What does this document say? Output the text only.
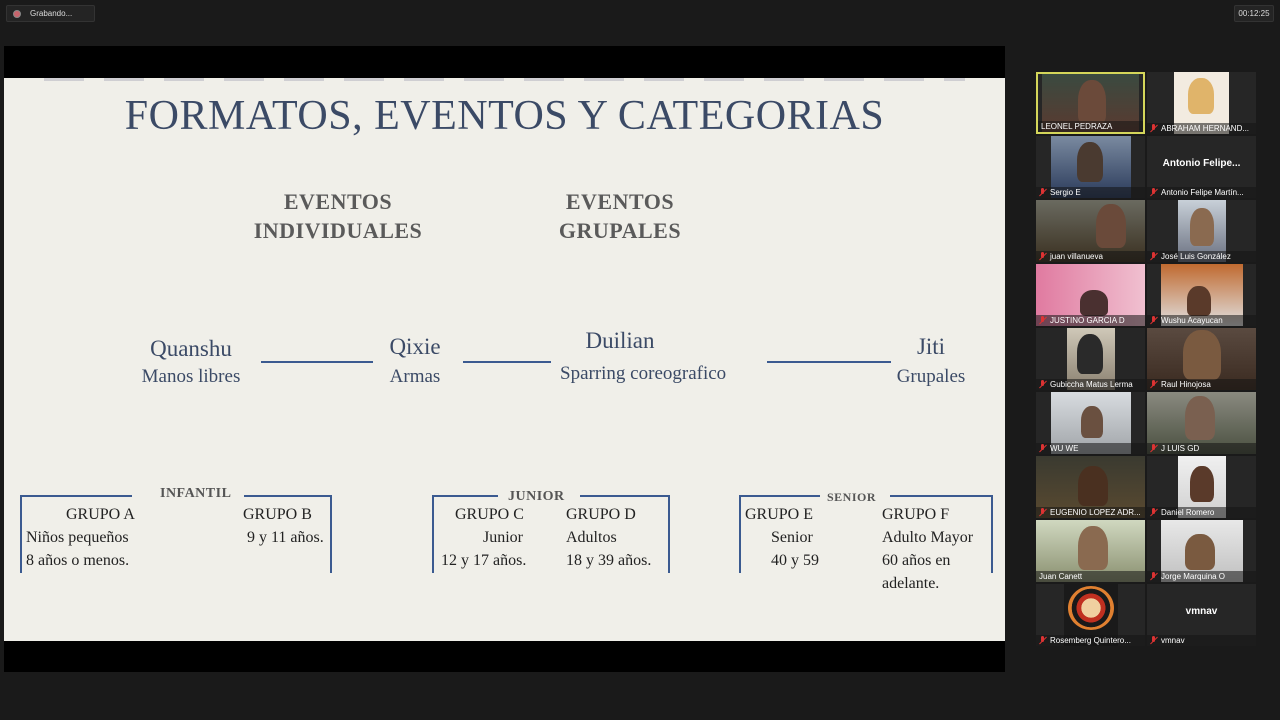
Grabando...	00:12:25
FORMATOS, EVENTOS Y CATEGORIAS
EVENTOS
INDIVIDUALES
EVENTOS
GRUPALES
Quanshu
Manos libres
Qixie
Armas
Duilian
Sparring coreografico
Jiti
Grupales
INFANTIL
GRUPO A
Niños pequeños
8 años o menos.
GRUPO B
9 y 11 años.
JUNIOR
GRUPO C
Junior
12 y 17 años.
GRUPO D
Adultos
18 y 39 años.
SENIOR
GRUPO E
Senior
40 y 59
GRUPO F
Adulto Mayor
60 años en
adelante.
LEONEL PEDRAZA	ABRAHAM HERNAND...
Sergio E
Antonio Felipe...
Antonio Felipe Martín...
juan villanueva	José Luis González
JUSTINO GARCIA D	Wushu Acayucan
Gubiccha Matus Lerma	Raul Hinojosa
WU WE	J LUIS GD
EUGENIO LOPEZ ADR...	Daniel Romero
Juan Canett	Jorge Marquina O
Rosemberg Quintero...
vmnav
vmnav
